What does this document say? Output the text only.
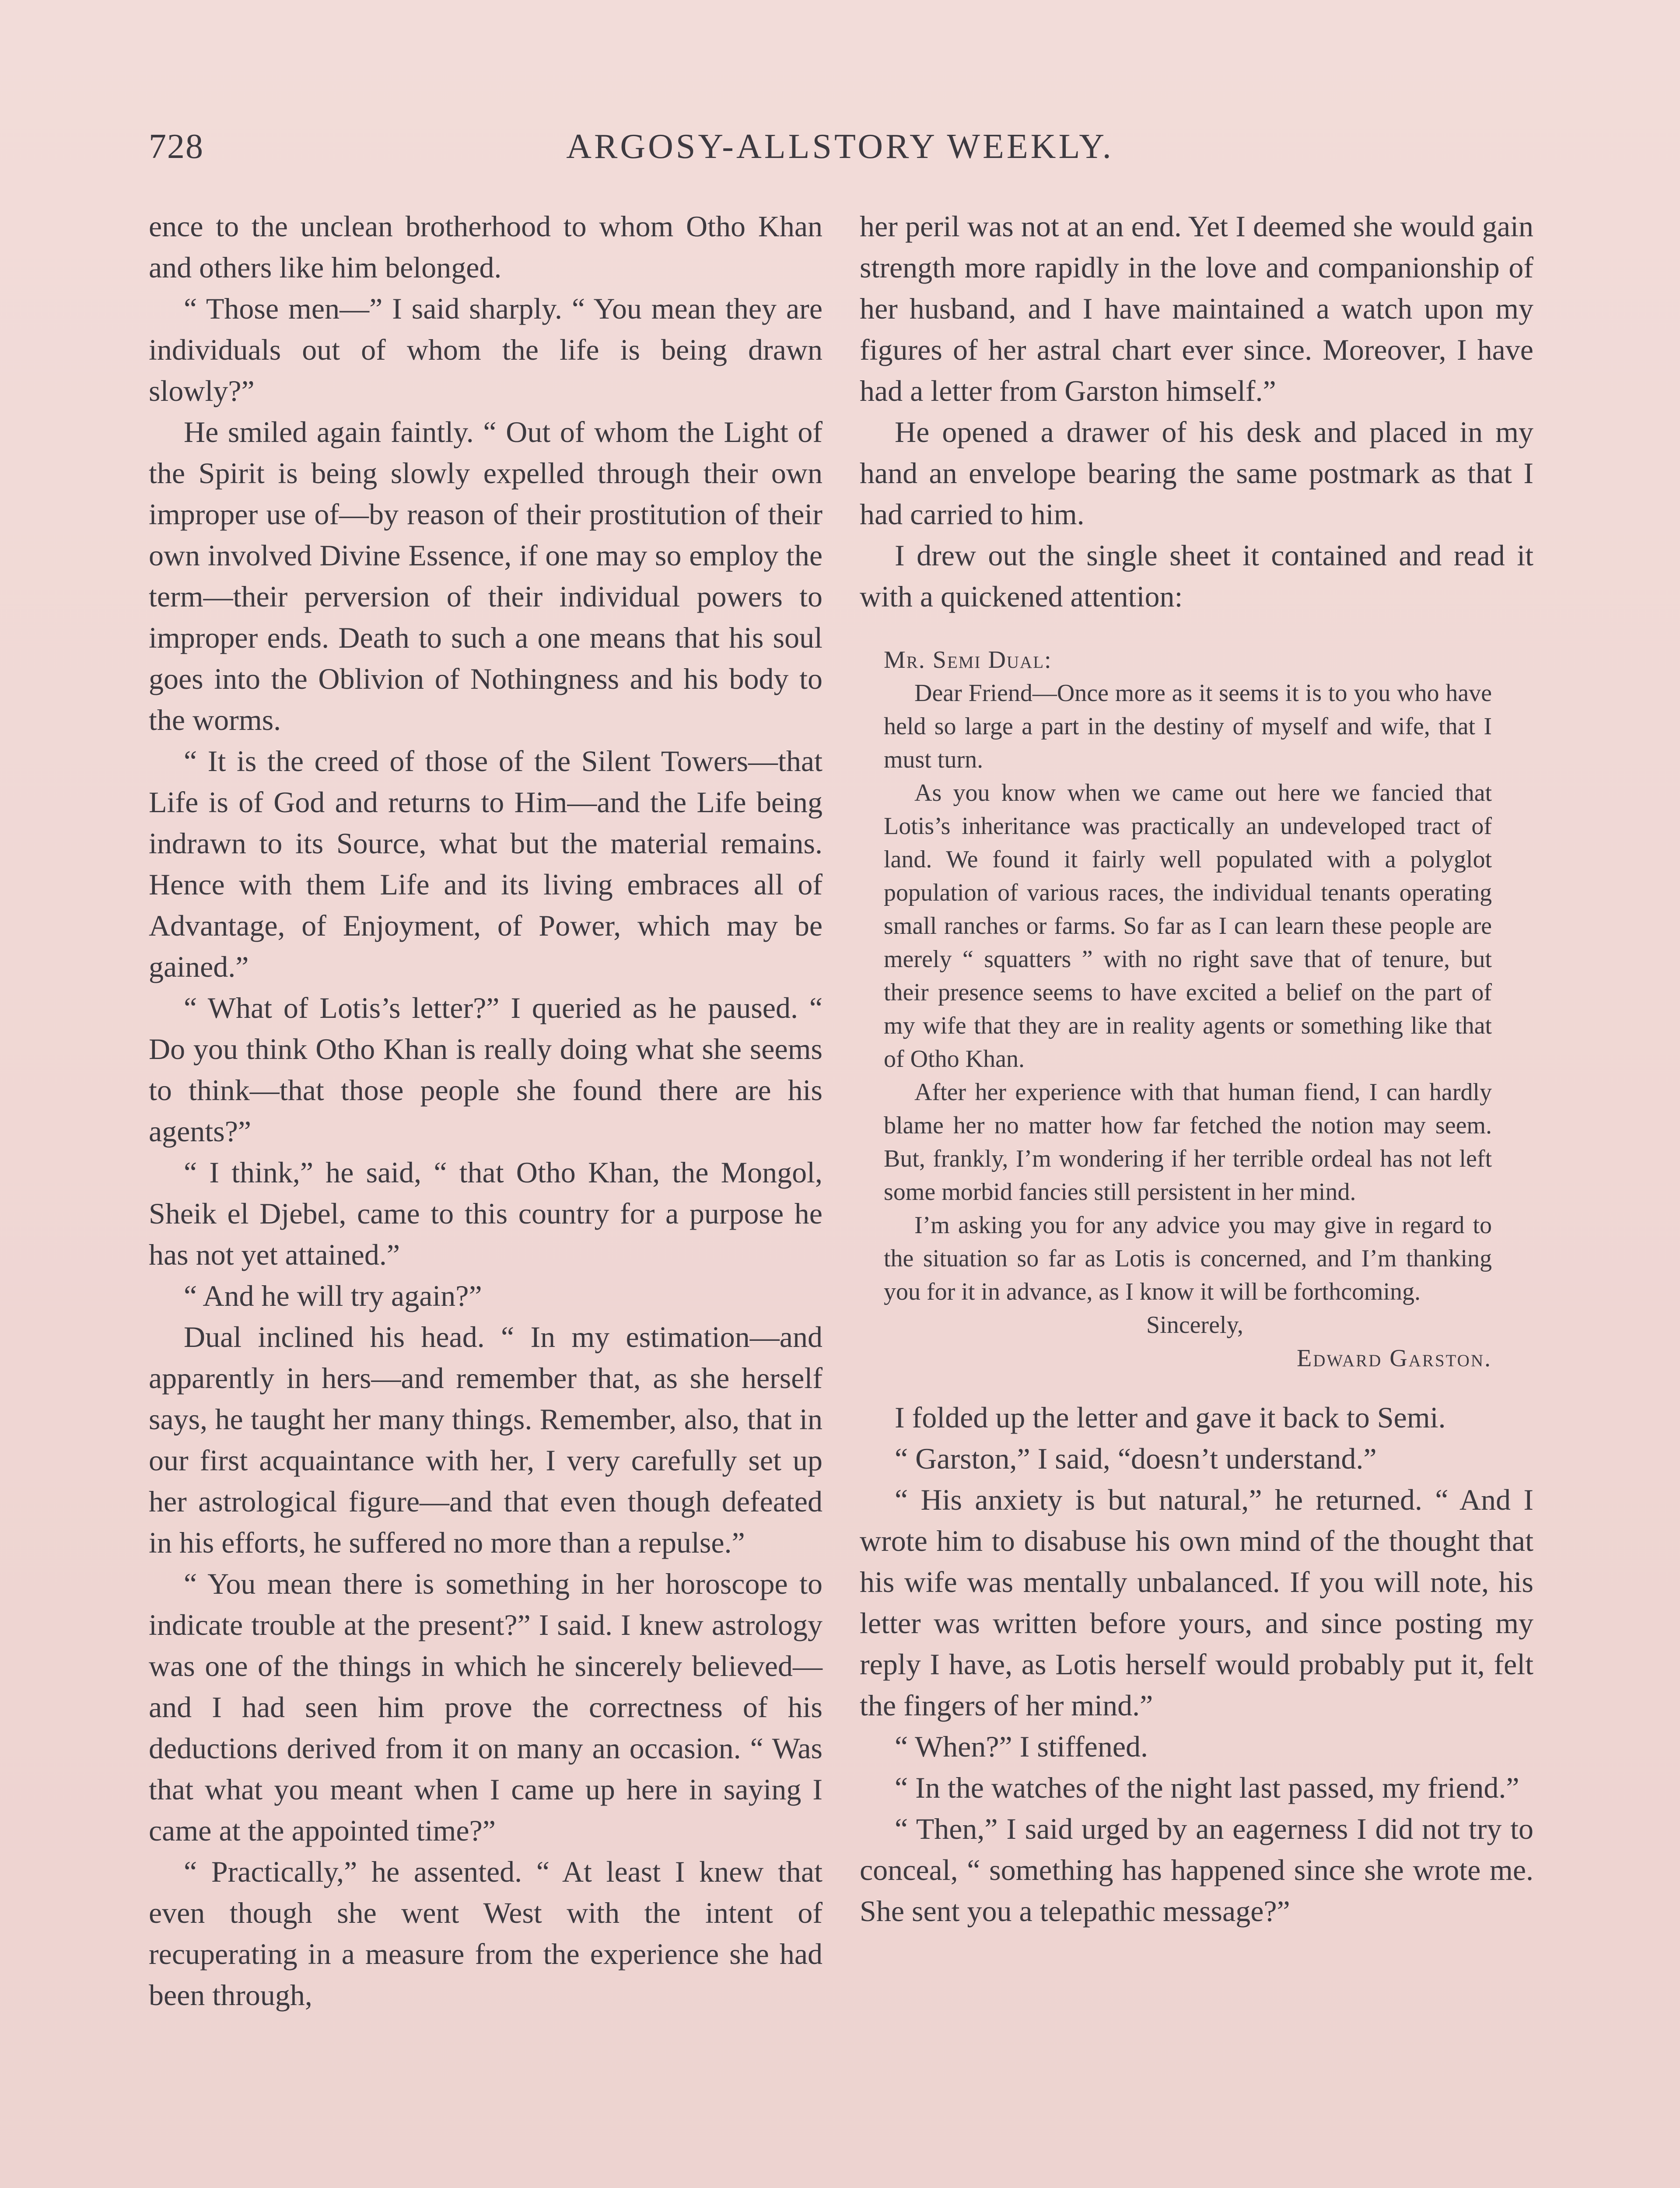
728	ARGOSY-ALLSTORY WEEKLY.

ence to the unclean brotherhood to whom Otho Khan and others like him belonged.

“ Those men—” I said sharply. “ You mean they are individuals out of whom the life is being drawn slowly?”

He smiled again faintly. “ Out of whom the Light of the Spirit is being slowly expelled through their own improper use of—by reason of their prostitution of their own involved Divine Essence, if one may so employ the term—their perversion of their individual powers to improper ends. Death to such a one means that his soul goes into the Oblivion of Nothingness and his body to the worms.

“ It is the creed of those of the Silent Towers—that Life is of God and returns to Him—and the Life being indrawn to its Source, what but the material remains. Hence with them Life and its living embraces all of Advantage, of Enjoyment, of Power, which may be gained.”

“ What of Lotis’s letter?” I queried as he paused. “ Do you think Otho Khan is really doing what she seems to think—that those people she found there are his agents?”

“ I think,” he said, “ that Otho Khan, the Mongol, Sheik el Djebel, came to this country for a purpose he has not yet attained.”

“ And he will try again?”

Dual inclined his head. “ In my estimation—and apparently in hers—and remember that, as she herself says, he taught her many things. Remember, also, that in our first acquaintance with her, I very carefully set up her astrological figure—and that even though defeated in his efforts, he suffered no more than a repulse.”

“ You mean there is something in her horoscope to indicate trouble at the present?” I said. I knew astrology was one of the things in which he sincerely believed—and I had seen him prove the correctness of his deductions derived from it on many an occasion. “ Was that what you meant when I came up here in saying I came at the appointed time?”

“ Practically,” he assented. “ At least I knew that even though she went West with the intent of recuperating in a measure from the experience she had been through,

her peril was not at an end. Yet I deemed she would gain strength more rapidly in the love and companionship of her husband, and I have maintained a watch upon my figures of her astral chart ever since. Moreover, I have had a letter from Garston himself.”

He opened a drawer of his desk and placed in my hand an envelope bearing the same postmark as that I had carried to him.

I drew out the single sheet it contained and read it with a quickened attention:

Mr. Semi Dual:

Dear Friend—Once more as it seems it is to you who have held so large a part in the destiny of myself and wife, that I must turn.

As you know when we came out here we fancied that Lotis’s inheritance was practically an undeveloped tract of land. We found it fairly well populated with a polyglot population of various races, the individual tenants operating small ranches or farms. So far as I can learn these people are merely “ squatters ” with no right save that of tenure, but their presence seems to have excited a belief on the part of my wife that they are in reality agents or something like that of Otho Khan.

After her experience with that human fiend, I can hardly blame her no matter how far fetched the notion may seem. But, frankly, I’m wondering if her terrible ordeal has not left some morbid fancies still persistent in her mind.

I’m asking you for any advice you may give in regard to the situation so far as Lotis is concerned, and I’m thanking you for it in advance, as I know it will be forthcoming.

Sincerely,

Edward Garston.

I folded up the letter and gave it back to Semi.

“ Garston,” I said, “doesn’t understand.”

“ His anxiety is but natural,” he returned. “ And I wrote him to disabuse his own mind of the thought that his wife was mentally unbalanced. If you will note, his letter was written before yours, and since posting my reply I have, as Lotis herself would probably put it, felt the fingers of her mind.”

“ When?” I stiffened.

“ In the watches of the night last passed, my friend.”

“ Then,” I said urged by an eagerness I did not try to conceal, “ something has happened since she wrote me. She sent you a telepathic message?”
